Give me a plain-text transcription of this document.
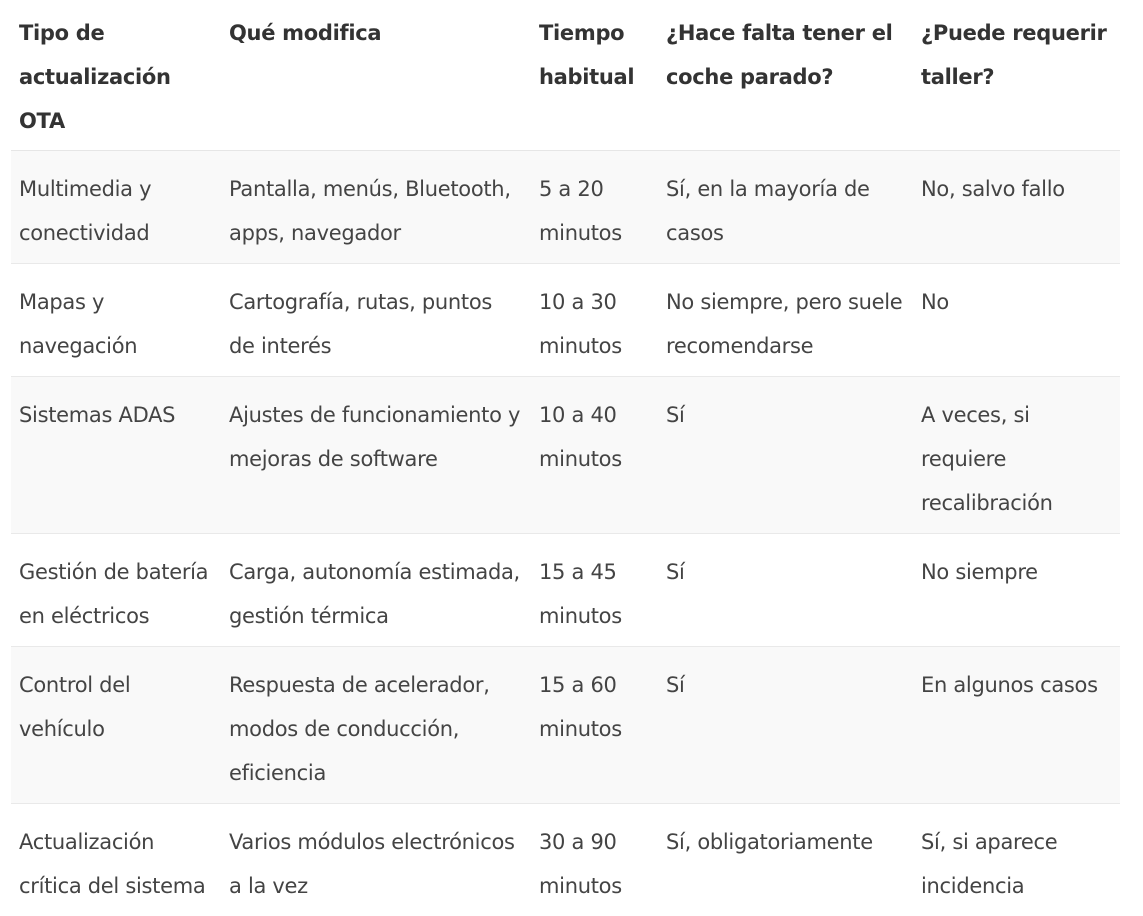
Tipo de actualización OTA	Qué modifica	Tiempo habitual	¿Hace falta tener el coche parado?	¿Puede requerir taller?
Multimedia y conectividad	Pantalla, menús, Bluetooth, apps, navegador	5 a 20 minutos	Sí, en la mayoría de casos	No, salvo fallo
Mapas y navegación	Cartografía, rutas, puntos de interés	10 a 30 minutos	No siempre, pero suele recomendarse	No
Sistemas ADAS	Ajustes de funcionamiento y mejoras de software	10 a 40 minutos	Sí	A veces, si requiere recalibración
Gestión de batería en eléctricos	Carga, autonomía estimada, gestión térmica	15 a 45 minutos	Sí	No siempre
Control del vehículo	Respuesta de acelerador, modos de conducción, eficiencia	15 a 60 minutos	Sí	En algunos casos
Actualización crítica del sistema	Varios módulos electrónicos a la vez	30 a 90 minutos	Sí, obligatoriamente	Sí, si aparece incidencia
